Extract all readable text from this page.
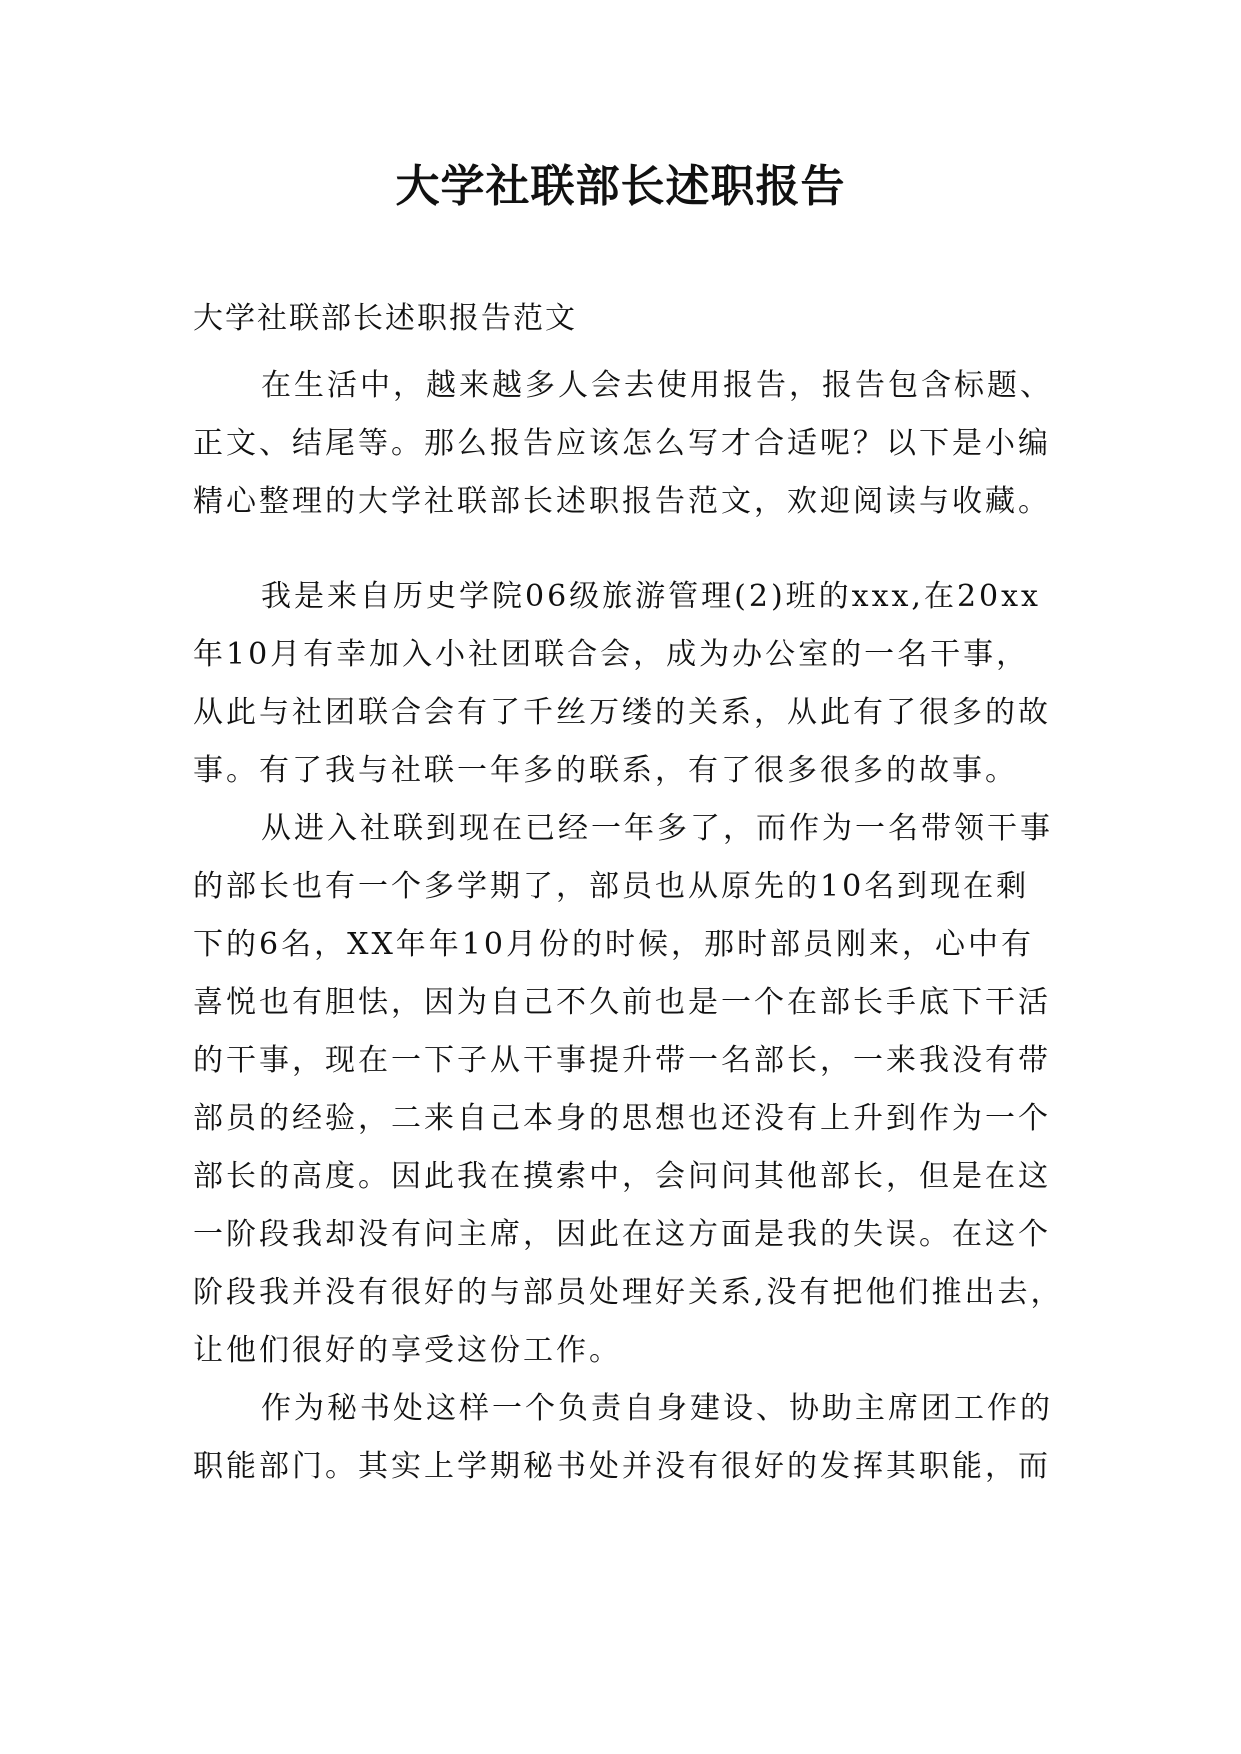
大学社联部长述职报告

大学社联部长述职报告范文

在生活中，越来越多人会去使用报告，报告包含标题、
正文、结尾等。那么报告应该怎么写才合适呢？以下是小编
精心整理的大学社联部长述职报告范文，欢迎阅读与收藏。
我是来自历史学院06级旅游管理(2)班的xxx,在20xx
年10月有幸加入小社团联合会，成为办公室的一名干事，
从此与社团联合会有了千丝万缕的关系，从此有了很多的故
事。有了我与社联一年多的联系，有了很多很多的故事。
从进入社联到现在已经一年多了，而作为一名带领干事
的部长也有一个多学期了，部员也从原先的10名到现在剩
下的6名，XX年年10月份的时候，那时部员刚来，心中有
喜悦也有胆怯，因为自己不久前也是一个在部长手底下干活
的干事，现在一下子从干事提升带一名部长，一来我没有带
部员的经验，二来自己本身的思想也还没有上升到作为一个
部长的高度。因此我在摸索中，会问问其他部长，但是在这
一阶段我却没有问主席，因此在这方面是我的失误。在这个
阶段我并没有很好的与部员处理好关系,没有把他们推出去，
让他们很好的享受这份工作。
作为秘书处这样一个负责自身建设、协助主席团工作的
职能部门。其实上学期秘书处并没有很好的发挥其职能，而
